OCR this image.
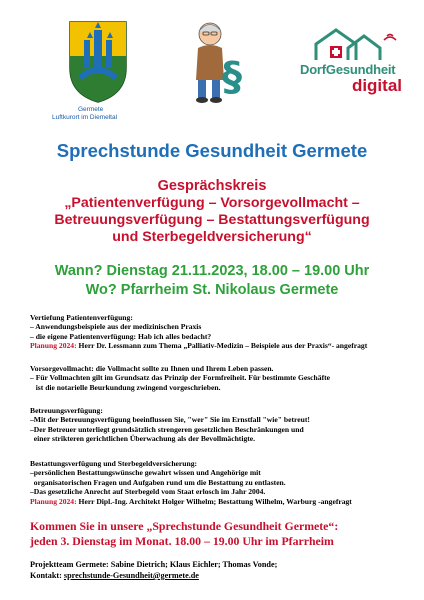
Germete
Luftkurort im Diemeltal
§	DorfGesundheit
digital
Sprechstunde Gesundheit Germete
Gesprächskreis
„Patientenverfügung – Vorsorgevollmacht –
Betreuungsverfügung – Bestattungsverfügung
und Sterbegeldversicherung“
Wann? Dienstag 21.11.2023, 18.00 – 19.00 Uhr
Wo? Pfarrheim St. Nikolaus Germete
Vertiefung Patientenverfügung:
– Anwendungsbeispiele aus der medizinischen Praxis
– die eigene Patientenverfügung: Hab ich alles bedacht?
Planung 2024: Herr Dr. Lessmann zum Thema „Palliativ-Medizin – Beispiele aus der Praxis“- angefragt
Vorsorgevollmacht: die Vollmacht sollte zu Ihnen und Ihrem Leben passen.
– Für Vollmachten gilt im Grundsatz das Prinzip der Formfreiheit. Für bestimmte Geschäfte
ist die notarielle Beurkundung zwingend vorgeschrieben.
Betreuungsverfügung:
–Mit der Betreuungsverfügung beeinflussen Sie, "wer" Sie im Ernstfall "wie" betreut!
–Der Betreuer unterliegt grundsätzlich strengeren gesetzlichen Beschränkungen und
einer strikteren gerichtlichen Überwachung als der Bevollmächtigte.
Bestattungsverfügung und Sterbegeldversicherung:
–persönlichen Bestattungswünsche gewahrt wissen und Angehörige mit
organisatorischen Fragen und Aufgaben rund um die Bestattung zu entlasten.
–Das gesetzliche Anrecht auf Sterbegeld vom Staat erlosch im Jahr 2004.
Planung 2024: Herr Dipl.-Ing. Architekt Holger Wilhelm; Bestattung Wilhelm, Warburg -angefragt
Kommen Sie in unsere „Sprechstunde Gesundheit Germete“:
jeden 3. Dienstag im Monat. 18.00 – 19.00 Uhr im Pfarrheim
Projektteam Germete: Sabine Dietrich; Klaus Eichler; Thomas Vonde;
Kontakt: sprechstunde-Gesundheit@germete.de
